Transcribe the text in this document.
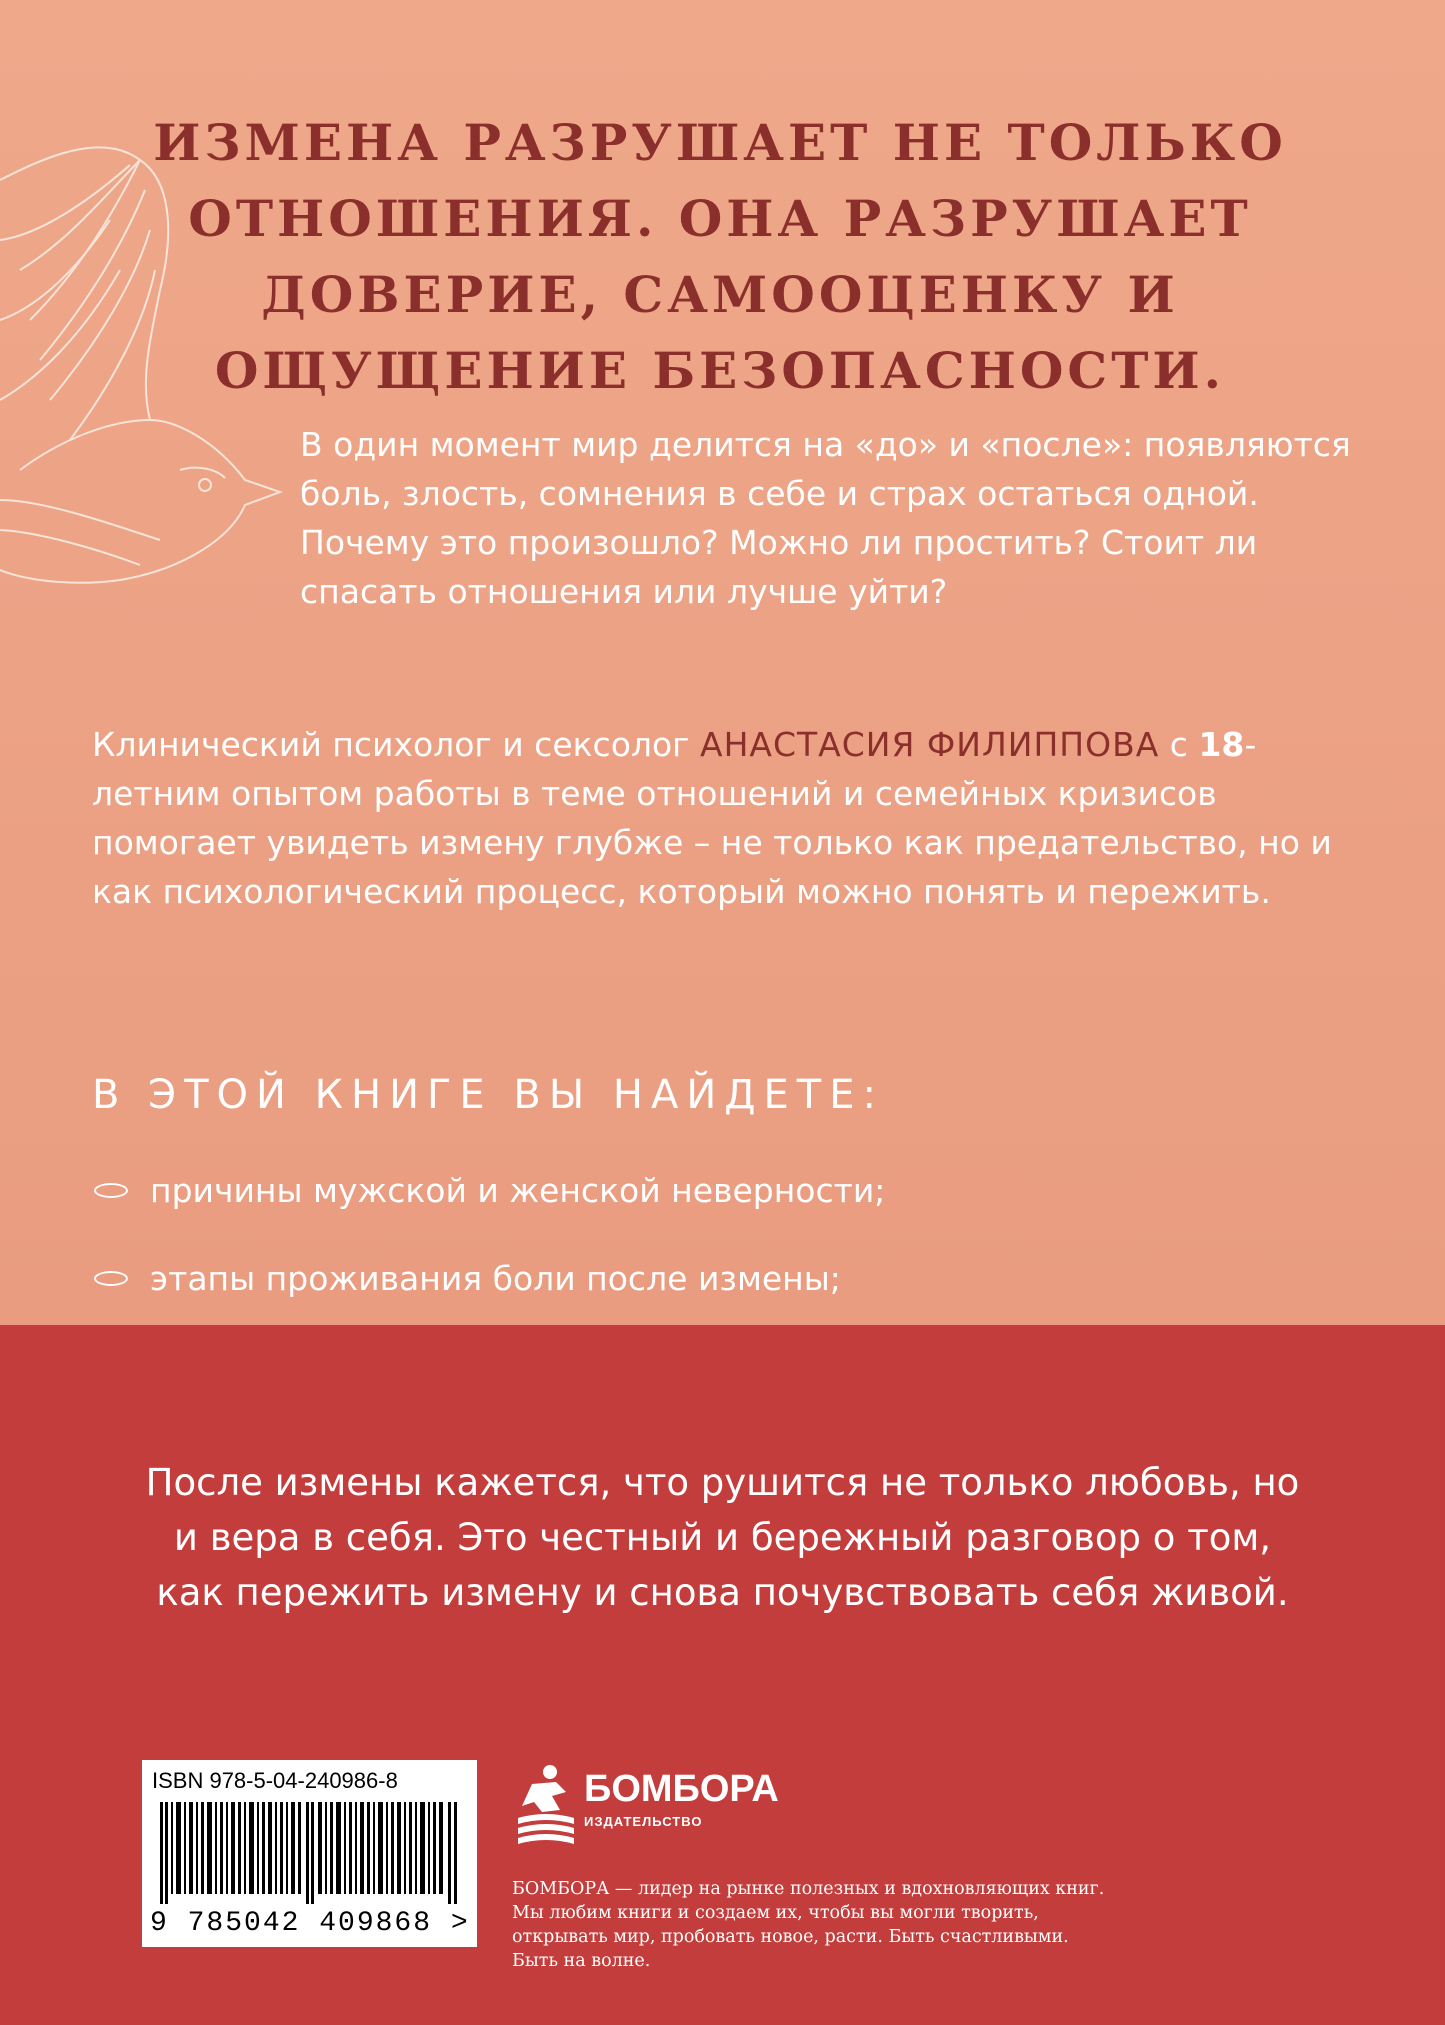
ИЗМЕНА РАЗРУШАЕТ НЕ ТОЛЬКО ОТНОШЕНИЯ. ОНА РАЗРУШАЕТ ДОВЕРИЕ, САМООЦЕНКУ И ОЩУЩЕНИЕ БЕЗОПАСНОСТИ.
В один момент мир делится на «до» и «после»: появляются боль, злость, сомнения в себе и страх остаться одной. Почему это произошло? Можно ли простить? Стоит ли спасать отношения или лучше уйти?
Клинический психолог и сексолог АНАСТАСИЯ ФИЛИППОВА с 18-летним опытом работы в теме отношений и семейных кризисов помогает увидеть измену глубже – не только как предательство, но и как психологический процесс, который можно понять и пережить.
В ЭТОЙ КНИГЕ ВЫ НАЙДЕТЕ:
причины мужской и женской неверности;
этапы проживания боли после измены;
После измены кажется, что рушится не только любовь, но и вера в себя. Это честный и бережный разговор о том, как пережить измену и снова почувствовать себя живой.
ISBN 978-5-04-240986-8
9 785042 409868 >
БОМБОРА
ИЗДАТЕЛЬСТВО
БОМБОРА — лидер на рынке полезных и вдохновляющих книг. Мы любим книги и создаем их, чтобы вы могли творить, открывать мир, пробовать новое, расти. Быть счастливыми. Быть на волне.
